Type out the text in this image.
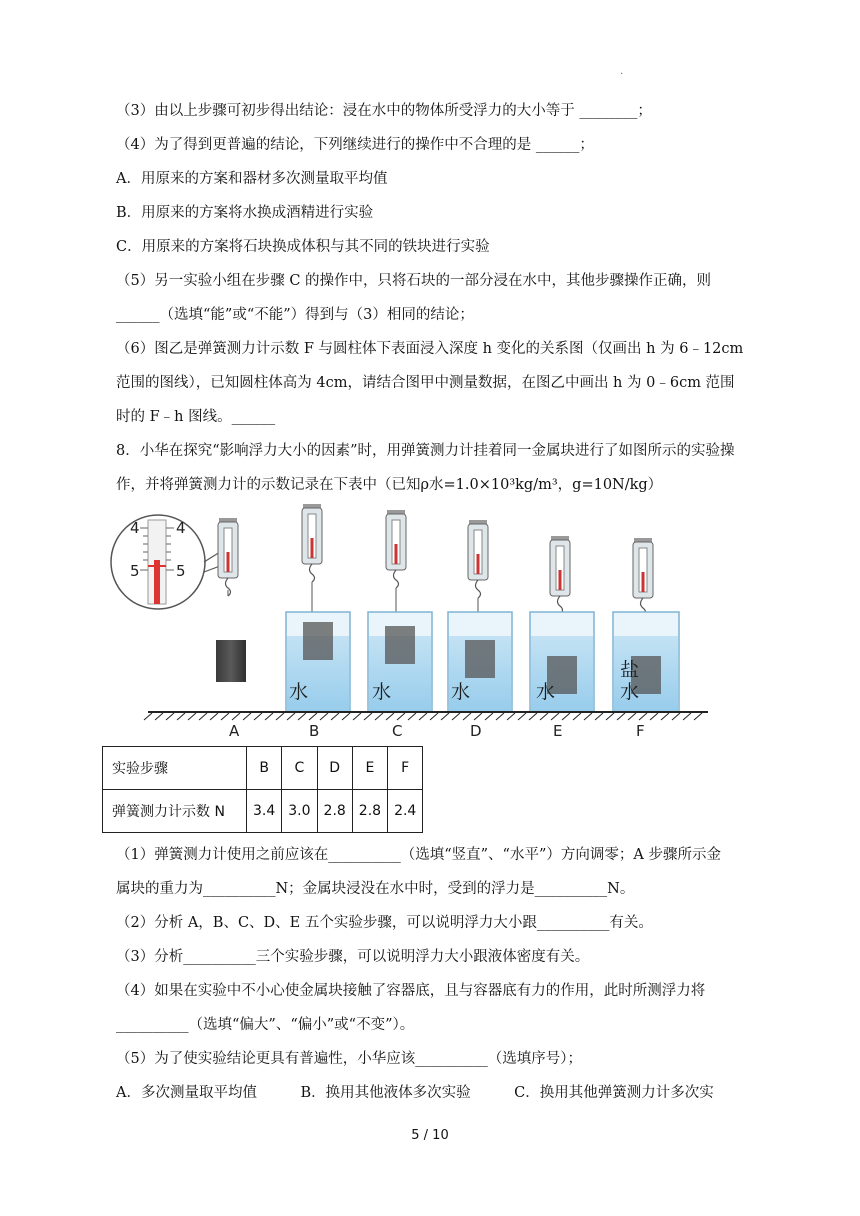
.
（3）由以上步骤可初步得出结论：浸在水中的物体所受浮力的大小等于 ________；
（4）为了得到更普遍的结论，下列继续进行的操作中不合理的是 ______；
A．用原来的方案和器材多次测量取平均值
B．用原来的方案将水换成酒精进行实验
C．用原来的方案将石块换成体积与其不同的铁块进行实验
（5）另一实验小组在步骤 C 的操作中，只将石块的一部分浸在水中，其他步骤操作正确，则
______（选填“能”或“不能”）得到与（3）相同的结论；
（6）图乙是弹簧测力计示数 F 与圆柱体下表面浸入深度 h 变化的关系图（仅画出 h 为 6﹣12cm
范围的图线），已知圆柱体高为 4cm，请结合图甲中测量数据，在图乙中画出 h 为 0﹣6cm 范围
时的 F﹣h 图线。______
8．小华在探究“影响浮力大小的因素”时，用弹簧测力计挂着同一金属块进行了如图所示的实验操
作，并将弹簧测力计的示数记录在下表中（已知ρ水=1.0×10³kg/m³，g=10N/kg）
4 4
5 5
A	B	C	D	E	F
水	水	水	水
盐
水
实验步骤	B	C	D	E	F
弹簧测力计示数 N	3.4	3.0	2.8	2.8	2.4
（1）弹簧测力计使用之前应该在__________（选填“竖直”、“水平”）方向调零；A 步骤所示金
属块的重力为__________N；金属块浸没在水中时，受到的浮力是__________N。
（2）分析 A，B、C、D、E 五个实验步骤，可以说明浮力大小跟__________有关。
（3）分析__________三个实验步骤，可以说明浮力大小跟液体密度有关。
（4）如果在实验中不小心使金属块接触了容器底，且与容器底有力的作用，此时所测浮力将
__________（选填“偏大”、“偏小”或“不变”）。
（5）为了使实验结论更具有普遍性，小华应该__________（选填序号）；
A．多次测量取平均值　　　B．换用其他液体多次实验　　　C．换用其他弹簧测力计多次实
5 / 10
